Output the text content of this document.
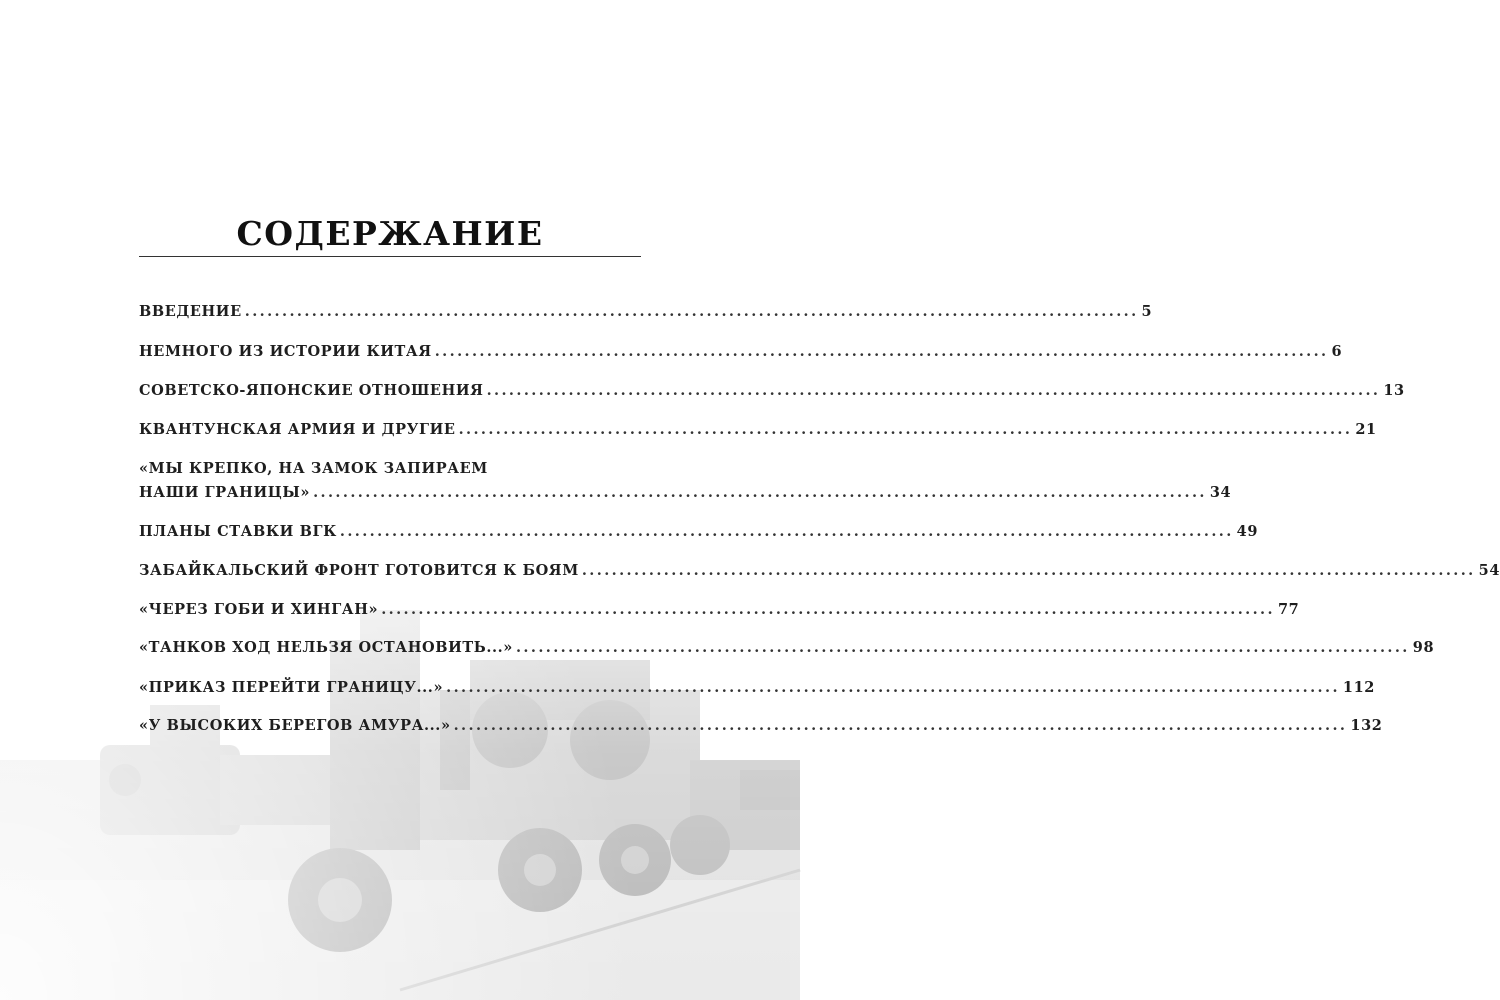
СОДЕРЖАНИЕ
ВВЕДЕНИЕ ........................................................................................................................ 5
НЕМНОГО ИЗ ИСТОРИИ КИТАЯ ........................................................................................................................ 6
СОВЕТСКО-ЯПОНСКИЕ ОТНОШЕНИЯ ........................................................................................................................ 13
КВАНТУНСКАЯ АРМИЯ И ДРУГИЕ ........................................................................................................................ 21
«МЫ КРЕПКО, НА ЗАМОК ЗАПИРАЕМ
НАШИ ГРАНИЦЫ» ........................................................................................................................ 34
ПЛАНЫ СТАВКИ ВГК ........................................................................................................................ 49
ЗАБАЙКАЛЬСКИЙ ФРОНТ ГОТОВИТСЯ К БОЯМ ........................................................................................................................ 54
«ЧЕРЕЗ ГОБИ И ХИНГАН» ........................................................................................................................ 77
«ТАНКОВ ХОД НЕЛЬЗЯ ОСТАНОВИТЬ...» ........................................................................................................................ 98
«ПРИКАЗ ПЕРЕЙТИ ГРАНИЦУ...» ........................................................................................................................ 112
«У ВЫСОКИХ БЕРЕГОВ АМУРА...» ........................................................................................................................ 132
